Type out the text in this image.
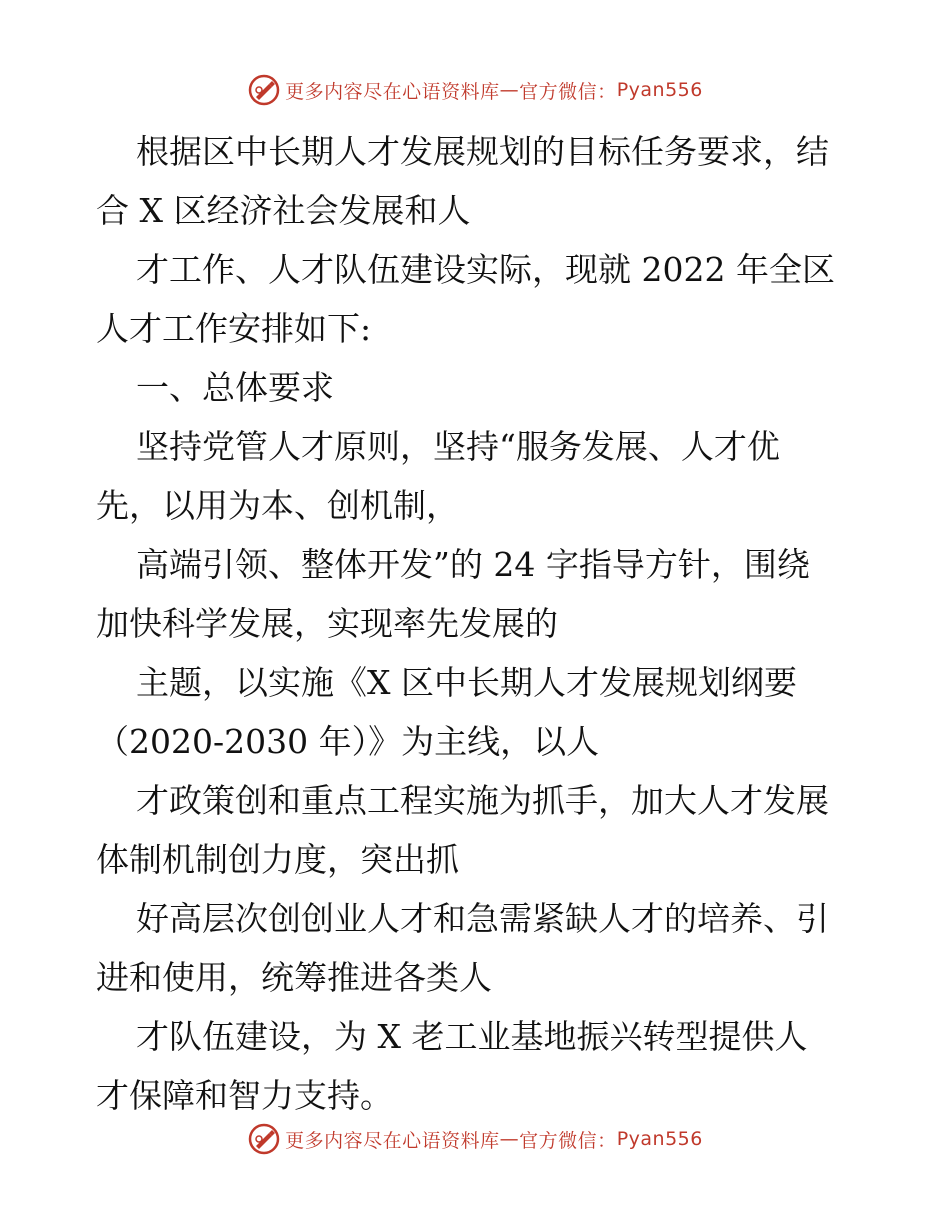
更多内容尽在心语资料库 — 官方微信： Pyan556
根据区中长期人才发展规划的目标任务要求，结
合 X 区经济社会发展和人
才工作、人才队伍建设实际，现就 2022 年全区
人才工作安排如下:
一、总体要求
坚持党管人才原则，坚持“服务发展、人才优
先，以用为本、创机制，
高端引领、整体开发”的 24 字指导方针，围绕
加快科学发展，实现率先发展的
主题，以实施《X 区中长期人才发展规划纲要
（2020-2030 年）》为主线，以人
才政策创和重点工程实施为抓手，加大人才发展
体制机制创力度，突出抓
好高层次创创业人才和急需紧缺人才的培养、引
进和使用，统筹推进各类人
才队伍建设，为 X 老工业基地振兴转型提供人
才保障和智力支持。
更多内容尽在心语资料库 — 官方微信： Pyan556
